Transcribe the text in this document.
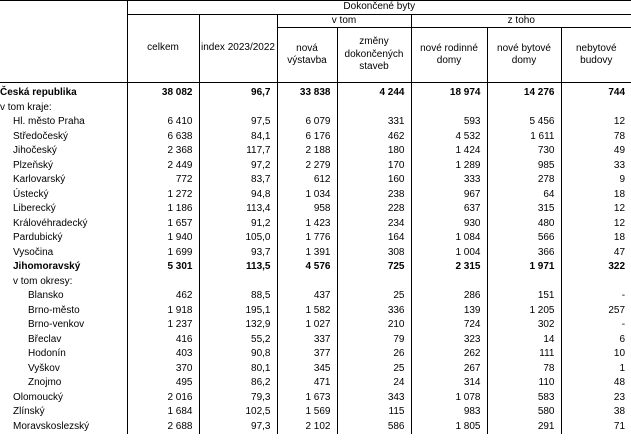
	Dokončené byty						
	celkem	index 2023/2022	v tom		z toho		
			nová výstavba	změny dokončených staveb	nové rodinné domy	nové bytové domy	nebytové budovy

Česká republika	38 082	96,7	33 838	4 244	18 974	14 276	744
v tom kraje:							
Hl. město Praha	6 410	97,5	6 079	331	593	5 456	12
Středočeský	6 638	84,1	6 176	462	4 532	1 611	78
Jihočeský	2 368	117,7	2 188	180	1 424	730	49
Plzeňský	2 449	97,2	2 279	170	1 289	985	33
Karlovarský	772	83,7	612	160	333	278	9
Ústecký	1 272	94,8	1 034	238	967	64	18
Liberecký	1 186	113,4	958	228	637	315	12
Královéhradecký	1 657	91,2	1 423	234	930	480	12
Pardubický	1 940	105,0	1 776	164	1 084	566	18
Vysočina	1 699	93,7	1 391	308	1 004	366	47
Jihomoravský	5 301	113,5	4 576	725	2 315	1 971	322
v tom okresy:							
Blansko	462	88,5	437	25	286	151	-
Brno-město	1 918	195,1	1 582	336	139	1 205	257
Brno-venkov	1 237	132,9	1 027	210	724	302	-
Břeclav	416	55,2	337	79	323	14	6
Hodonín	403	90,8	377	26	262	111	10
Vyškov	370	80,1	345	25	267	78	1
Znojmo	495	86,2	471	24	314	110	48
Olomoucký	2 016	79,3	1 673	343	1 078	583	23
Zlínský	1 684	102,5	1 569	115	983	580	38
Moravskoslezský	2 688	97,3	2 102	586	1 805	291	71
